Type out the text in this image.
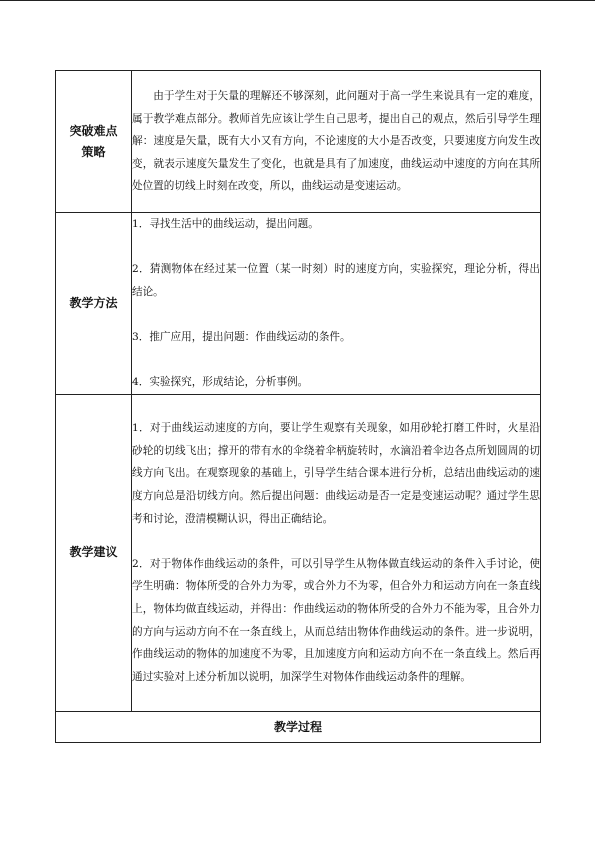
突破难点
策略	由于学生对于矢量的理解还不够深刻，此问题对于高一学生来说具有一定的难度，属于教学难点部分。教师首先应该让学生自己思考，提出自己的观点，然后引导学生理解：速度是矢量，既有大小又有方向，不论速度的大小是否改变，只要速度方向发生改变，就表示速度矢量发生了变化，也就是具有了加速度，曲线运动中速度的方向在其所处位置的切线上时刻在改变，所以，曲线运动是变速运动。

教学方法	1．寻找生活中的曲线运动，提出问题。

2．猜测物体在经过某一位置（某一时刻）时的速度方向，实验探究，理论分析，得出结论。

3．推广应用，提出问题：作曲线运动的条件。

4．实验探究，形成结论，分析事例。

教学建议	1．对于曲线运动速度的方向，要让学生观察有关现象，如用砂轮打磨工件时，火星沿砂轮的切线飞出；撑开的带有水的伞绕着伞柄旋转时，水滴沿着伞边各点所划圆周的切线方向飞出。在观察现象的基础上，引导学生结合课本进行分析，总结出曲线运动的速度方向总是沿切线方向。然后提出问题：曲线运动是否一定是变速运动呢？通过学生思考和讨论，澄清模糊认识，得出正确结论。

2．对于物体作曲线运动的条件，可以引导学生从物体做直线运动的条件入手讨论，使学生明确：物体所受的合外力为零，或合外力不为零，但合外力和运动方向在一条直线上，物体均做直线运动，并得出：作曲线运动的物体所受的合外力不能为零，且合外力的方向与运动方向不在一条直线上，从而总结出物体作曲线运动的条件。进一步说明，作曲线运动的物体的加速度不为零，且加速度方向和运动方向不在一条直线上。然后再通过实验对上述分析加以说明，加深学生对物体作曲线运动条件的理解。

教学过程	
